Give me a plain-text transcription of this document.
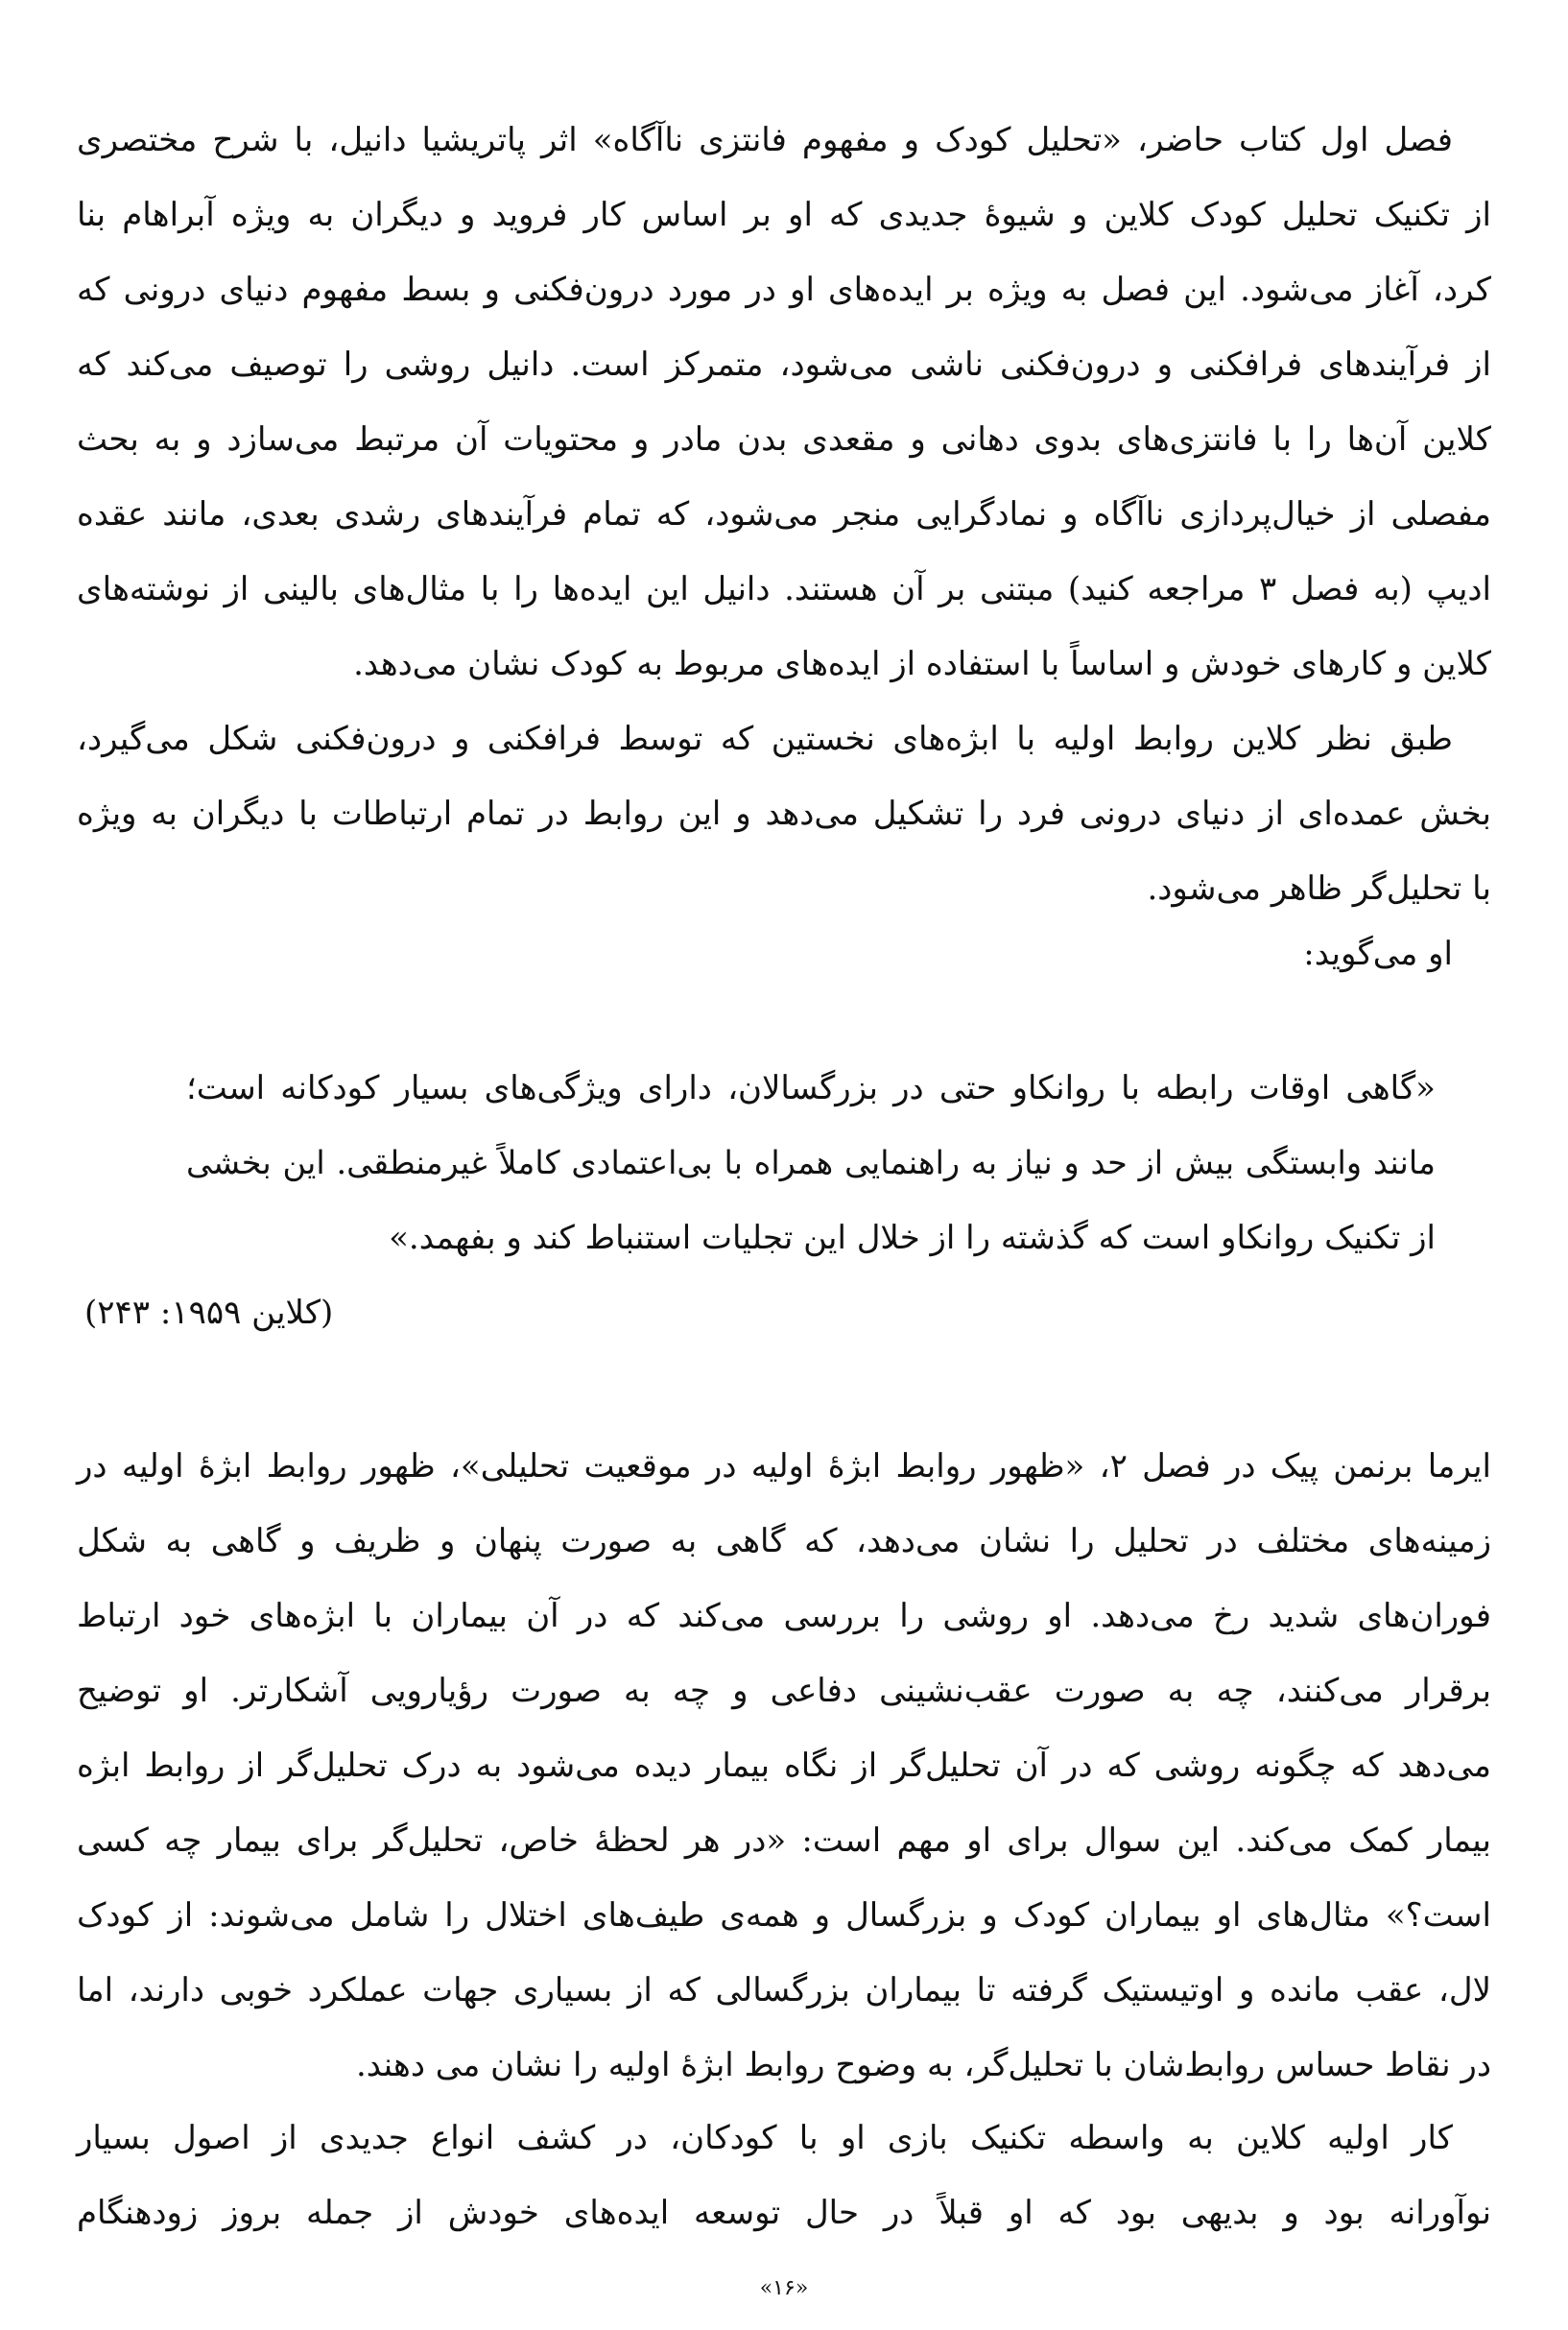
فصل اول کتاب حاضر، «تحلیل کودک و مفهوم فانتزی ناآگاه» اثر پاتریشیا دانیل، با شرح مختصری
از تکنیک تحلیل کودک کلاین و شیوهٔ جدیدی که او بر اساس کار فروید و دیگران به ویژه آبراهام بنا
کرد، آغاز می‌شود. این فصل به ویژه بر ایده‌های او در مورد درون‌فکنی و بسط مفهوم دنیای درونی که
از فرآیندهای فرافکنی و درون‌فکنی ناشی می‌شود، متمرکز است. دانیل روشی را توصیف می‌کند که
کلاین آن‌ها را با فانتزی‌های بدوی دهانی و مقعدی بدن مادر و محتویات آن مرتبط می‌سازد و به بحث
مفصلی از خیال‌پردازی ناآگاه و نمادگرایی منجر می‌شود، که تمام فرآیندهای رشدی بعدی، مانند عقده
ادیپ (به فصل ۳ مراجعه کنید) مبتنی بر آن هستند. دانیل این ایده‌ها را با مثال‌های بالینی از نوشته‌های
کلاین و کارهای خودش و اساساً با استفاده از ایده‌های مربوط به کودک نشان می‌دهد.
طبق نظر کلاین روابط اولیه با ابژه‌های نخستین که توسط فرافکنی و درون‌فکنی شکل می‌گیرد،
بخش عمده‌ای از دنیای درونی فرد را تشکیل می‌دهد و این روابط در تمام ارتباطات با دیگران به ویژه
با تحلیل‌گر ظاهر می‌شود.
او می‌گوید:
«گاهی اوقات رابطه با روانکاو حتی در بزرگسالان، دارای ویژگی‌های بسیار کودکانه است؛
مانند وابستگی بیش از حد و نیاز به راهنمایی همراه با بی‌اعتمادی کاملاً غیرمنطقی. این بخشی
از تکنیک روانکاو است که گذشته را از خلال این تجلیات استنباط کند و بفهمد.»
(کلاین ۱۹۵۹: ۲۴۳)
ایرما برنمن پیک در فصل ۲، «ظهور روابط ابژهٔ اولیه در موقعیت تحلیلی»، ظهور روابط ابژهٔ اولیه در
زمینه‌های مختلف در تحلیل را نشان می‌دهد، که گاهی به صورت پنهان و ظریف و گاهی به شکل
فوران‌های شدید رخ می‌دهد. او روشی را بررسی می‌کند که در آن بیماران با ابژه‌های خود ارتباط
برقرار می‌کنند، چه به صورت عقب‌نشینی دفاعی و چه به صورت رؤیارویی آشکارتر. او توضیح
می‌دهد که چگونه روشی که در آن تحلیل‌گر از نگاه بیمار دیده می‌شود به درک تحلیل‌گر از روابط ابژه
بیمار کمک می‌کند. این سوال برای او مهم است: «در هر لحظهٔ خاص، تحلیل‌گر برای بیمار چه کسی
است؟» مثال‌های او بیماران کودک و بزرگسال و همه‌ی طیف‌های اختلال را شامل می‌شوند: از کودک
لال، عقب مانده و اوتیستیک گرفته تا بیماران بزرگسالی که از بسیاری جهات عملکرد خوبی دارند، اما
در نقاط حساس روابط‌شان با تحلیل‌گر، به وضوح روابط ابژهٔ اولیه را نشان می دهند.
کار اولیه کلاین به واسطه تکنیک بازی او با کودکان، در کشف انواع جدیدی از اصول بسیار
نوآورانه بود و بدیهی بود که او قبلاً در حال توسعه ایده‌های خودش از جمله بروز زودهنگام
«۱۶»
